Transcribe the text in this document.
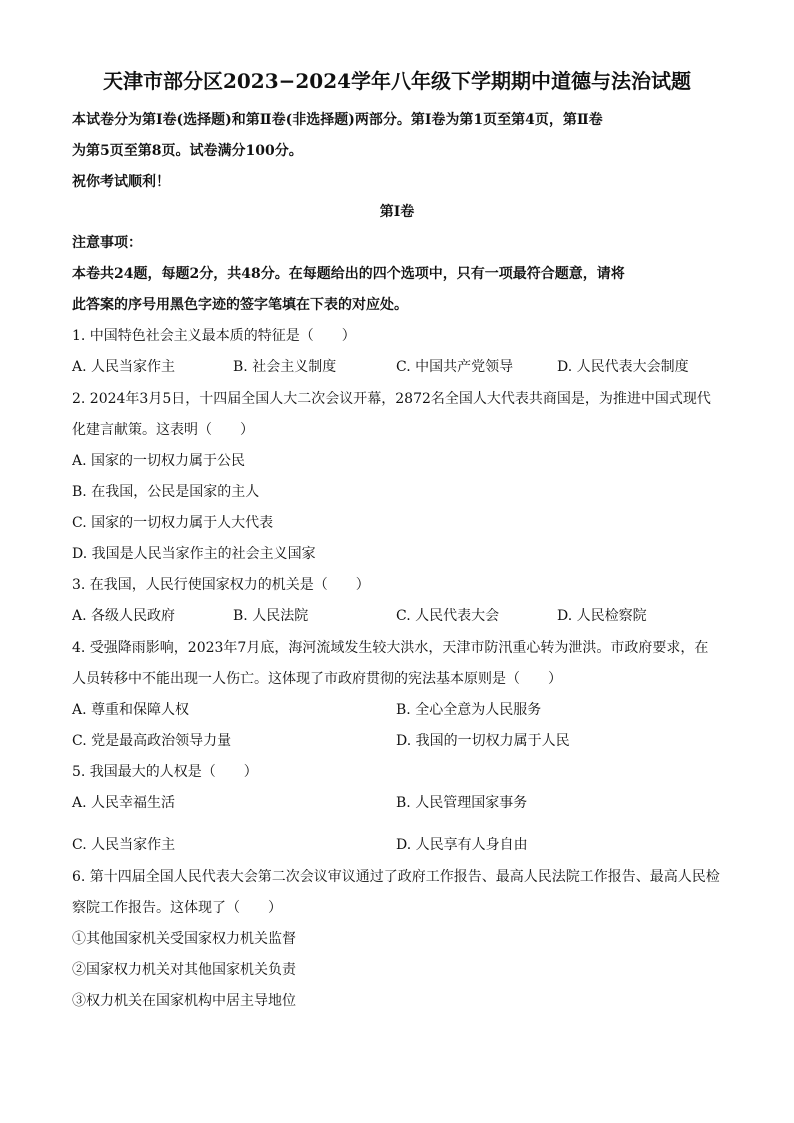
天津市部分区2023−2024学年八年级下学期期中道德与法治试题
本试卷分为第Ⅰ卷(选择题)和第Ⅱ卷(非选择题)两部分。第Ⅰ卷为第1页至第4页，第Ⅱ卷
为第5页至第8页。试卷满分100分。
祝你考试顺利！
第Ⅰ卷
注意事项：
本卷共24题，每题2分，共48分。在每题给出的四个选项中，只有一项最符合题意，请将
此答案的序号用黑色字迹的签字笔填在下表的对应处。
1. 中国特色社会主义最本质的特征是（　　）
A. 人民当家作主	B. 社会主义制度	C. 中国共产党领导	D. 人民代表大会制度
2. 2024年3月5日，十四届全国人大二次会议开幕，2872名全国人大代表共商国是，为推进中国式现代
化建言献策。这表明（　　）
A. 国家的一切权力属于公民
B. 在我国，公民是国家的主人
C. 国家的一切权力属于人大代表
D. 我国是人民当家作主的社会主义国家
3. 在我国，人民行使国家权力的机关是（　　）
A. 各级人民政府	B. 人民法院	C. 人民代表大会	D. 人民检察院
4. 受强降雨影响，2023年7月底，海河流域发生较大洪水，天津市防汛重心转为泄洪。市政府要求，在
人员转移中不能出现一人伤亡。这体现了市政府贯彻的宪法基本原则是（　　）
A. 尊重和保障人权	B. 全心全意为人民服务
C. 党是最高政治领导力量	D. 我国的一切权力属于人民
5. 我国最大的人权是（　　）
A. 人民幸福生活	B. 人民管理国家事务
C. 人民当家作主	D. 人民享有人身自由
6. 第十四届全国人民代表大会第二次会议审议通过了政府工作报告、最高人民法院工作报告、最高人民检
察院工作报告。这体现了（　　）
①其他国家机关受国家权力机关监督
②国家权力机关对其他国家机关负责
③权力机关在国家机构中居主导地位
